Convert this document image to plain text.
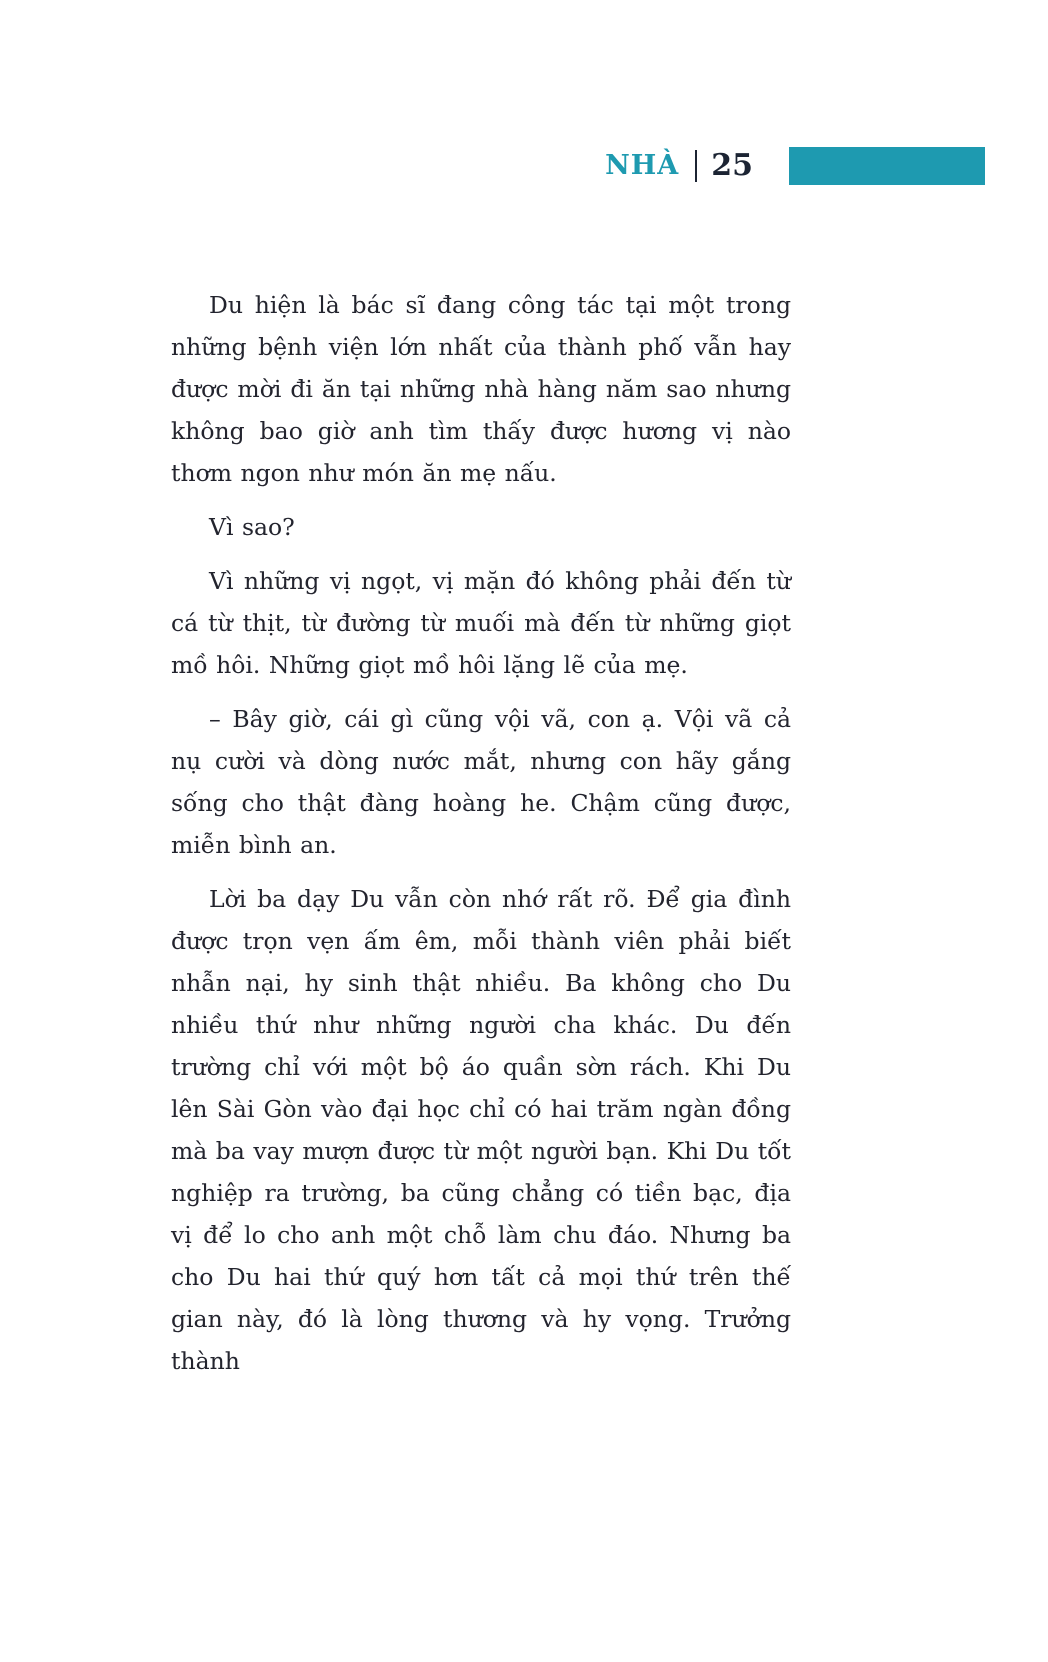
NHÀ 25

Du hiện là bác sĩ đang công tác tại một trong những bệnh viện lớn nhất của thành phố vẫn hay được mời đi ăn tại những nhà hàng năm sao nhưng không bao giờ anh tìm thấy được hương vị nào thơm ngon như món ăn mẹ nấu.

Vì sao?

Vì những vị ngọt, vị mặn đó không phải đến từ cá từ thịt, từ đường từ muối mà đến từ những giọt mồ hôi. Những giọt mồ hôi lặng lẽ của mẹ.

– Bây giờ, cái gì cũng vội vã, con ạ. Vội vã cả nụ cười và dòng nước mắt, nhưng con hãy gắng sống cho thật đàng hoàng he. Chậm cũng được, miễn bình an.

Lời ba dạy Du vẫn còn nhớ rất rõ. Để gia đình được trọn vẹn ấm êm, mỗi thành viên phải biết nhẫn nại, hy sinh thật nhiều. Ba không cho Du nhiều thứ như những người cha khác. Du đến trường chỉ với một bộ áo quần sờn rách. Khi Du lên Sài Gòn vào đại học chỉ có hai trăm ngàn đồng mà ba vay mượn được từ một người bạn. Khi Du tốt nghiệp ra trường, ba cũng chẳng có tiền bạc, địa vị để lo cho anh một chỗ làm chu đáo. Nhưng ba cho Du hai thứ quý hơn tất cả mọi thứ trên thế gian này, đó là lòng thương và hy vọng. Trưởng thành
